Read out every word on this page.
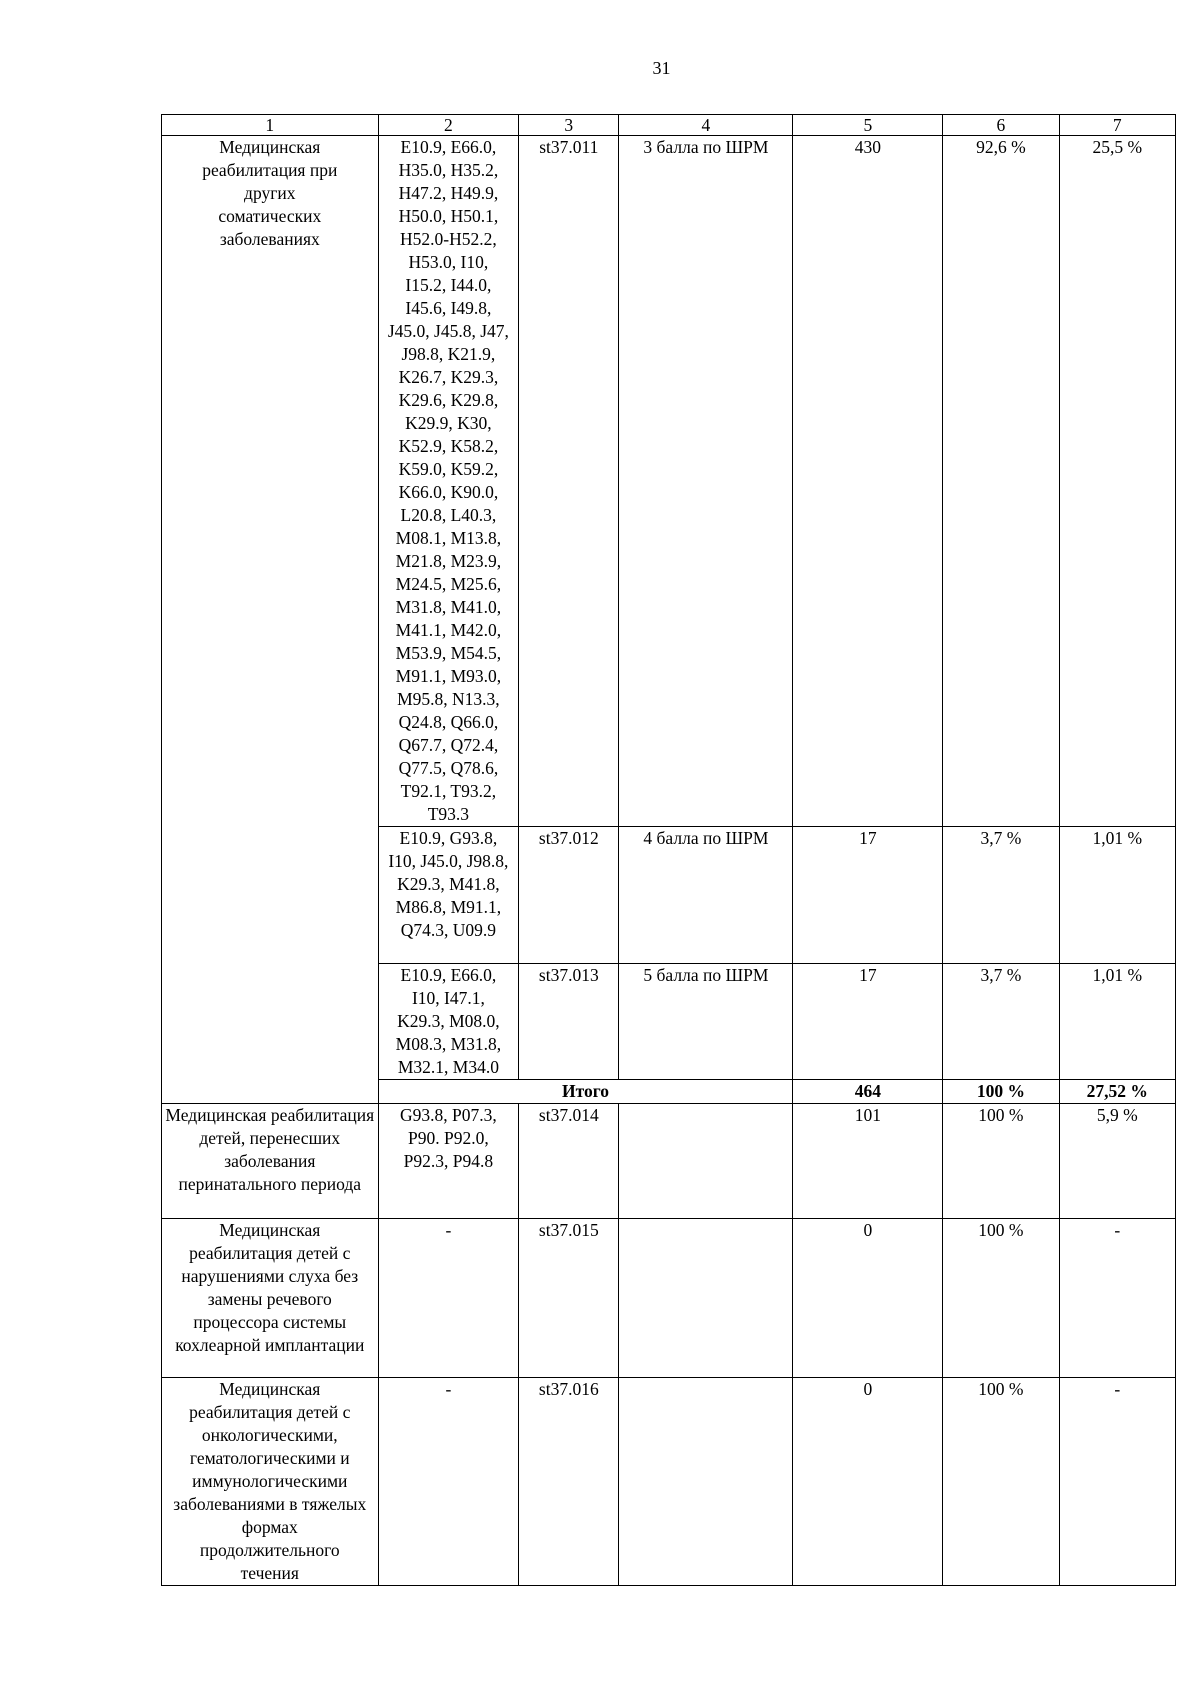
31
1	2	3	4	5	6	7

Медицинская реабилитация при других соматических заболеваниях	E10.9, E66.0, H35.0, H35.2, H47.2, H49.9, H50.0, H50.1, H52.0-H52.2, H53.0, I10, I15.2, I44.0, I45.6, I49.8, J45.0, J45.8, J47, J98.8, K21.9, K26.7, K29.3, K29.6, K29.8, K29.9, K30, K52.9, K58.2, K59.0, K59.2, K66.0, K90.0, L20.8, L40.3, M08.1, M13.8, M21.8, M23.9, M24.5, M25.6, M31.8, M41.0, M41.1, M42.0, M53.9, M54.5, M91.1, M93.0, M95.8, N13.3, Q24.8, Q66.0, Q67.7, Q72.4, Q77.5, Q78.6, T92.1, T93.2, T93.3	st37.011	3 балла по ШРМ	430	92,6 %	25,5 %

	E10.9, G93.8, I10, J45.0, J98.8, K29.3, M41.8, M86.8, M91.1, Q74.3, U09.9	st37.012	4 балла по ШРМ	17	3,7 %	1,01 %

	E10.9, E66.0, I10, I47.1, K29.3, M08.0, M08.3, M31.8, M32.1, M34.0	st37.013	5 балла по ШРМ	17	3,7 %	1,01 %
	Итого			464	100 %	27,52 %

Медицинская реабилитация детей, перенесших заболевания перинатального периода	G93.8, P07.3, P90. P92.0, P92.3, P94.8	st37.014		101	100 %	5,9 %

Медицинская реабилитация детей с нарушениями слуха без замены речевого процессора системы кохлеарной имплантации	-	st37.015		0	100 %	-

Медицинская реабилитация детей с онкологическими, гематологическими и иммунологическими заболеваниями в тяжелых формах продолжительного течения	-	st37.016		0	100 %	-
